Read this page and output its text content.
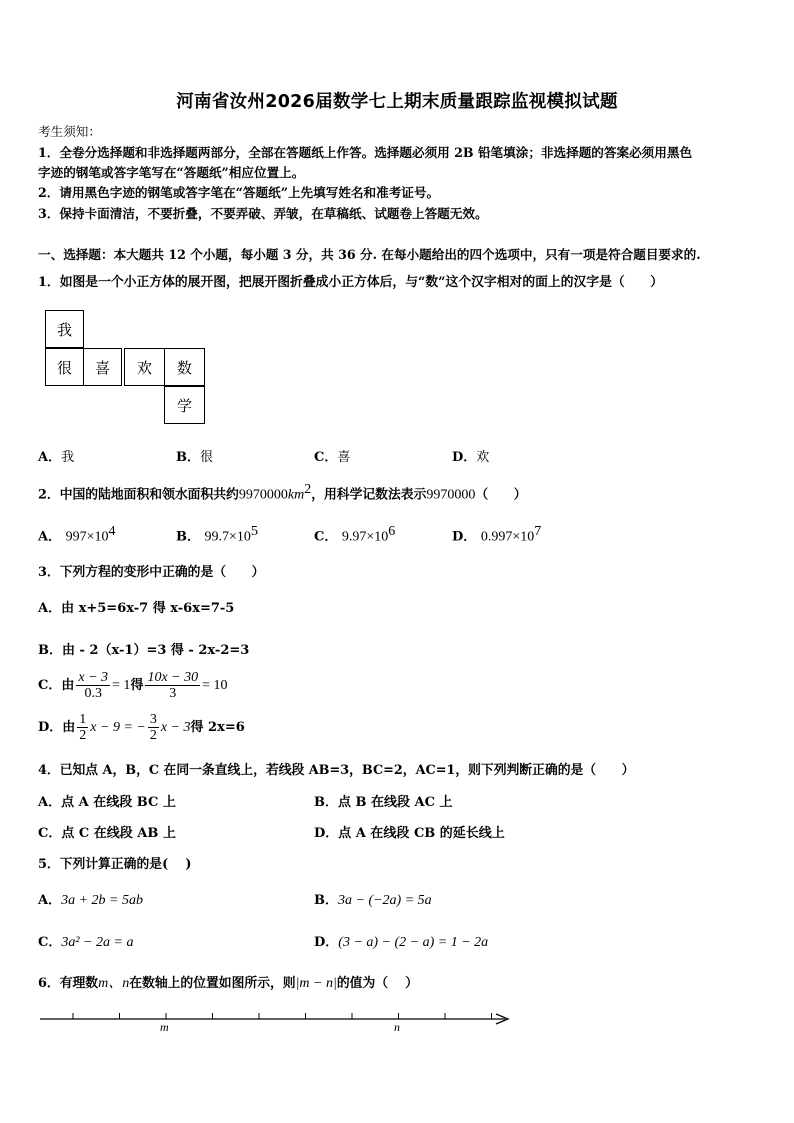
河南省汝州2026届数学七上期末质量跟踪监视模拟试题
考生须知：
1．全卷分选择题和非选择题两部分，全部在答题纸上作答。选择题必须用 2B 铅笔填涂；非选择题的答案必须用黑色
字迹的钢笔或答字笔写在“答题纸”相应位置上。
2．请用黑色字迹的钢笔或答字笔在“答题纸”上先填写姓名和准考证号。
3．保持卡面清洁，不要折叠，不要弄破、弄皱，在草稿纸、试题卷上答题无效。
一、选择题：本大题共 12 个小题，每小题 3 分，共 36 分. 在每小题给出的四个选项中，只有一项是符合题目要求的.
1．如图是一个小正方体的展开图，把展开图折叠成小正方体后，与“数”这个汉字相对的面上的汉字是（　　）
我
很	喜	欢	数
学
A．我	B．很	C．喜	D．欢
2．中国的陆地面积和领水面积共约$9970000km^2$，用科学记数法表示9970000（　　）
A． $997\times 10^4$	B． $99.7\times 10^5$	C． $9.97\times 10^6$	D． $0.997\times 10^7$
3．下列方程的变形中正确的是（　　）
A．由 x+5=6x-7 得 x-6x=7-5
B．由 - 2（x-1）=3 得 - 2x-2=3
C．由 $\frac{x - 3}{0.3} = 1$得 $\frac{10x - 30}{3} = 10$
D．由 $\frac{1}{2}$ x − 9 = − $\frac{3}{2}$ x − 3得 2x=6
4．已知点 A，B，C 在同一条直线上，若线段 AB=3，BC=2，AC=1，则下列判断正确的是（　　）
A．点 A 在线段 BC 上	B．点 B 在线段 AC 上
C．点 C 在线段 AB 上	D．点 A 在线段 CB 的延长线上
5．下列计算正确的是(　 )
A．3a + 2b = 5ab	B．3a − (−2a) = 5a
C．3a² − 2a = a	D．(3 − a) − (2 − a) = 1 − 2a
6．有理数m、n在数轴上的位置如图所示，则|m − n|的值为（　 ）
m	n
